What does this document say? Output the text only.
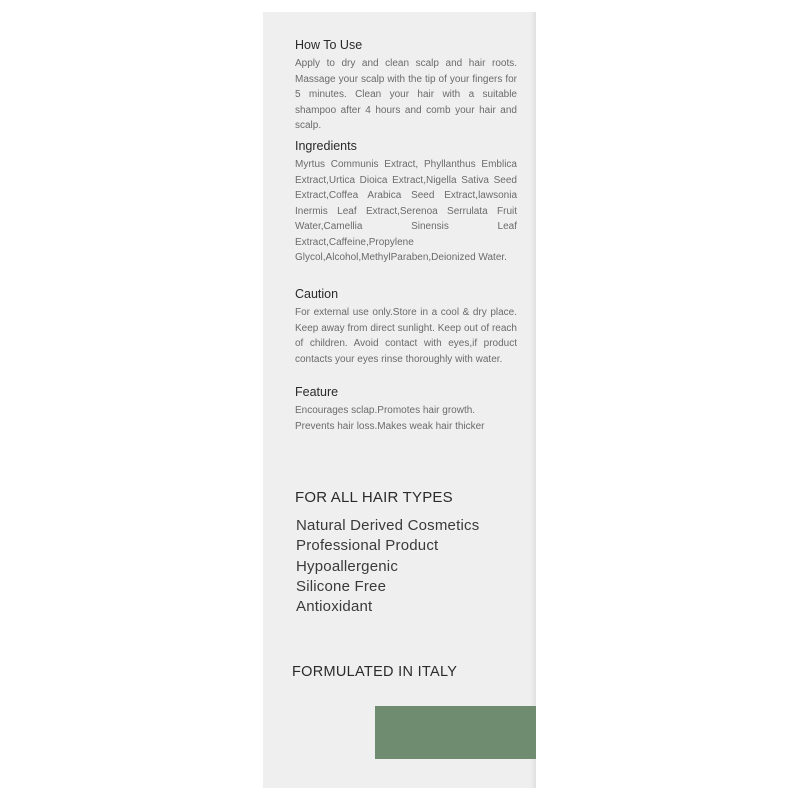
How To Use

Apply to dry and clean scalp and hair roots. Massage your scalp with the tip of your fingers for 5 minutes. Clean your hair with a suitable shampoo after 4 hours and comb your hair and scalp.

Ingredients

Myrtus Communis Extract, Phyllanthus Emblica Extract,Urtica Dioica Extract,Nigella Sativa Seed Extract,Coffea Arabica Seed Extract,lawsonia Inermis Leaf Extract,Serenoa Serrulata Fruit Water,Camellia Sinensis Leaf Extract,Caffeine,Propylene Glycol,Alcohol,MethylParaben,Deionized Water.

Caution

For external use only.Store in a cool & dry place. Keep away from direct sunlight. Keep out of reach of children. Avoid contact with eyes,if product contacts your eyes rinse thoroughly with water.

Feature

Encourages sclap.Promotes hair growth. Prevents hair loss.Makes weak hair thicker

FOR ALL HAIR TYPES
Natural Derived Cosmetics
Professional Product
Hypoallergenic
Silicone Free
Antioxidant
FORMULATED IN ITALY
